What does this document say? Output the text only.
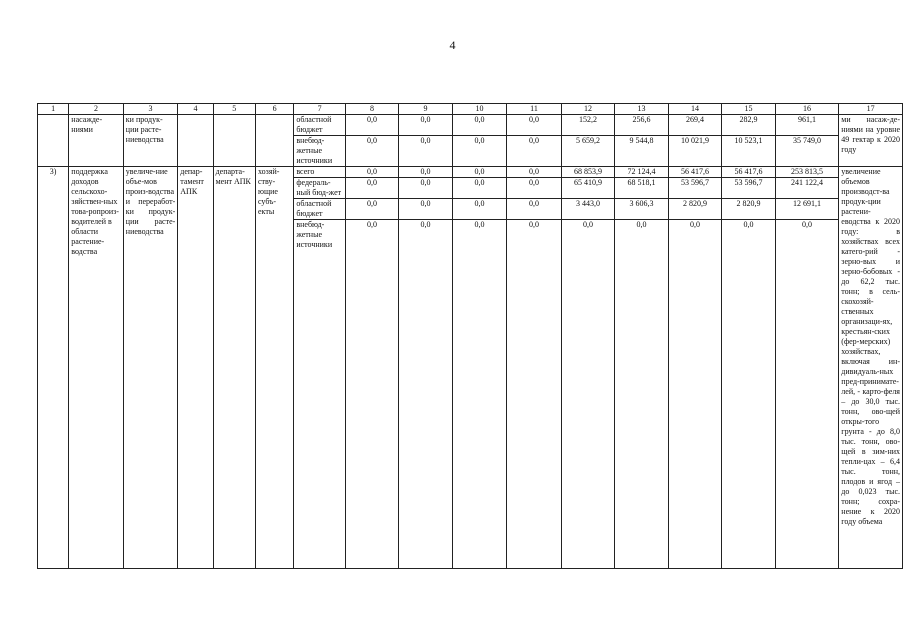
4
1	2	3	4	5	6	7	8	9	10	11	12	13	14	15	16	17
	насажде-ниями	ки продук-ции расте-ниеводства				областной бюджет	0,0	0,0	0,0	0,0	152,2	256,6	269,4	282,9	961,1	ми насаж-де-ниями на уровне 49 гектар к 2020 году
						внебюд-жетные источники	0,0	0,0	0,0	0,0	5 659,2	9 544,8	10 021,9	10 523,1	35 749,0	
3)	поддержка доходов сельскохо-зяйствен-ных това-ропроиз-водителей в области растение-водства	увеличе-ние объе-мов произ-водства и переработ-ки продук-ции расте-ниеводства	депар-тамент АПК	департа-мент АПК	хозяй-ству-ющие субъ-екты	всего	0,0	0,0	0,0	0,0	68 853,9	72 124,4	56 417,6	56 417,6	253 813,5	увеличение объемов производст-ва продук-ции растени-еводства к 2020 году: в хозяйствах всех катего-рий - зерно-вых и зерно-бобовых - до 62,2 тыс. тонн; в сель-скохозяй-ственных организаци-ях, крестьян-ских (фер-мерских) хозяйствах, включая ин-дивидуаль-ных пред-принимате-лей, - карто-феля – до 30,0 тыс. тонн, ово-щей откры-того грунта - до 8,0 тыс. тонн, ово-щей в зим-них тепли-цах – 6,4 тыс. тонн, плодов и ягод – до 0,023 тыс. тонн; сохра-нение к 2020 году объема
						федераль-ный бюд-жет	0,0	0,0	0,0	0,0	65 410,9	68 518,1	53 596,7	53 596,7	241 122,4	
						областной бюджет	0,0	0,0	0,0	0,0	3 443,0	3 606,3	2 820,9	2 820,9	12 691,1	
						внебюд-жетные источники	0,0	0,0	0,0	0,0	0,0	0,0	0,0	0,0	0,0	
